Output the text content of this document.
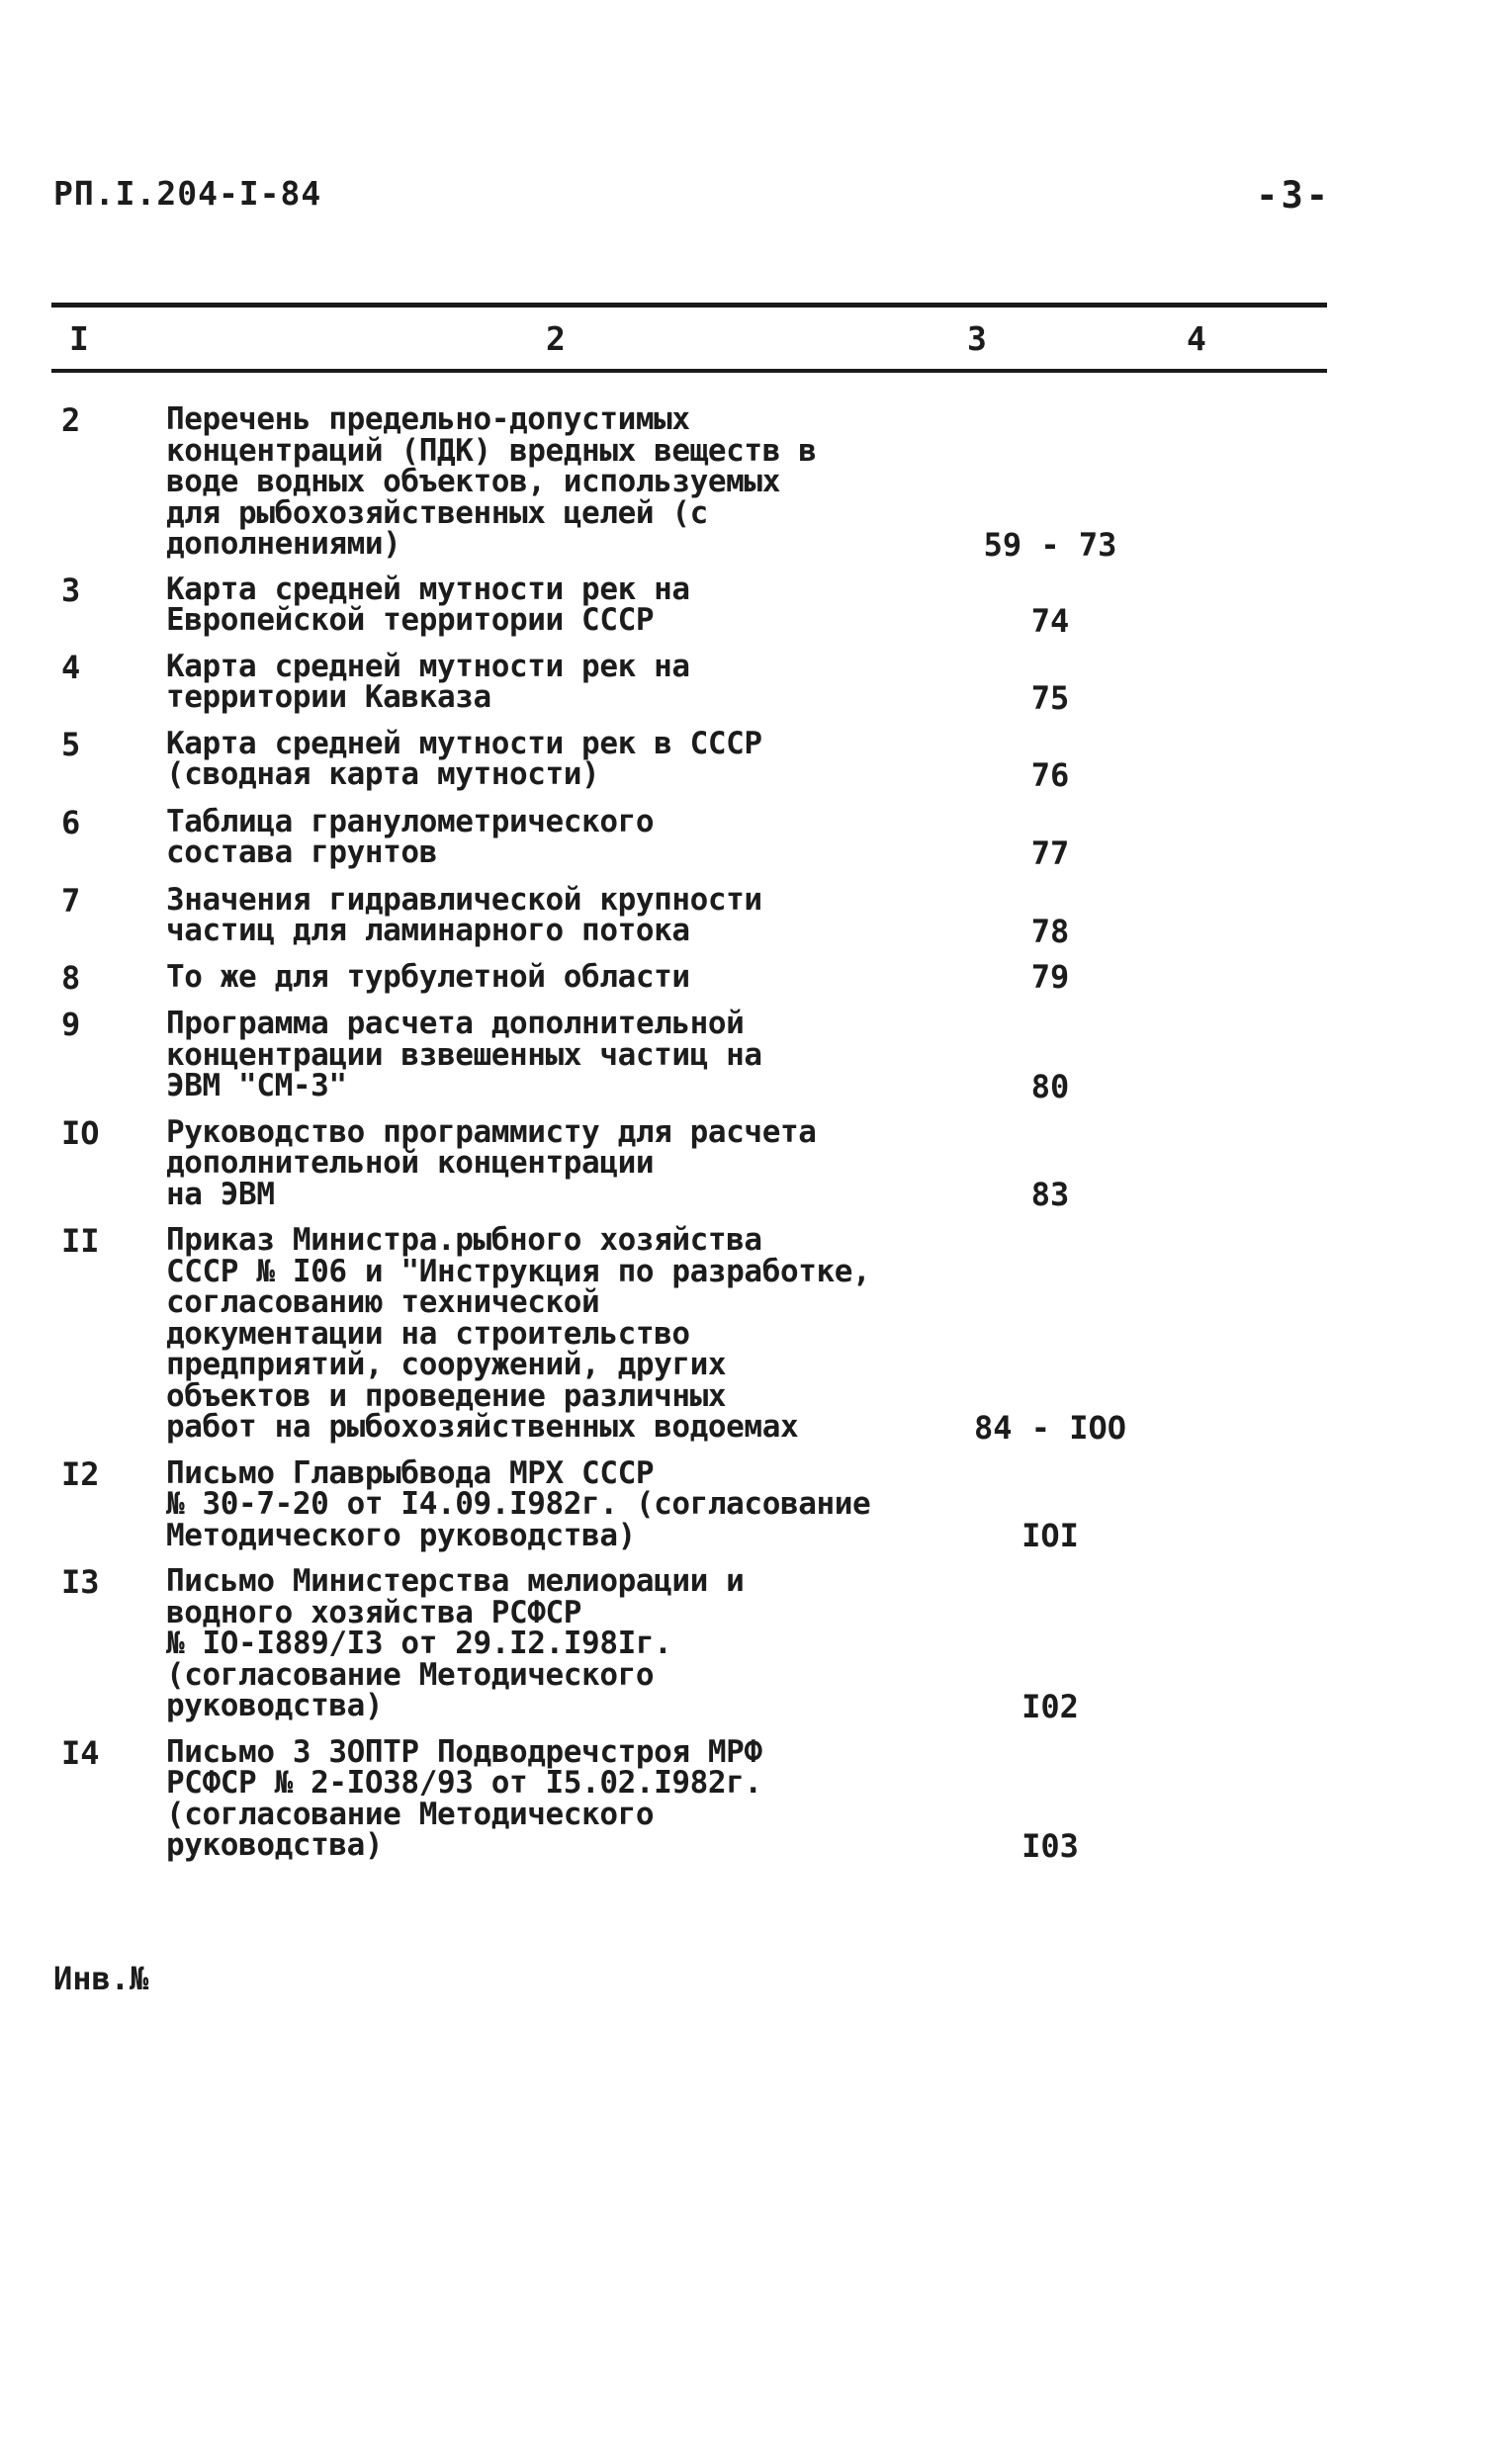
РП.I.204-I-84	-3-
I	2	3	4
2	Перечень предельно-допустимых концентраций (ПДК) вредных веществ в
воде водных объектов, используемых
для рыбохозяйственных целей (с дополнениями)	59 - 73
3	Карта средней мутности рек на
Европейской территории СССР	74
4	Карта средней мутности рек на
территории Кавказа	75
5	Карта средней мутности рек в СССР
(сводная карта мутности)	76
6	Таблица гранулометрического
состава грунтов	77
7	Значения гидравлической крупности
частиц для ламинарного потока	78
8	То же для турбулетной области	79
9	Программа расчета дополнительной
концентрации взвешенных частиц на
ЭВМ "СМ-3"	80
IO	Руководство программисту для расчета дополнительной концентрации
на ЭВМ	83
II	Приказ Министра.рыбного хозяйства
СССР № I06 и "Инструкция по разработке, согласованию технической
документации на строительство
предприятий, сооружений, других
объектов и проведение различных
работ на рыбохозяйственных водоемах	84 - IOO
I2	Письмо Главрыбвода МРХ СССР
№ 30-7-20 от I4.09.I982г. (согласование Методического руководства)	IOI
I3	Письмо Министерства мелиорации и
водного хозяйства РСФСР
№ IO-I889/I3 от 29.I2.I98Iг.
(согласование Методического руководства)	I02
I4	Письмо 3 ЗОПТР Подводречстроя МРФ
РСФСР № 2-IO38/93 от I5.02.I982г.
(согласование Методического руководства)	I03
Инв.№
